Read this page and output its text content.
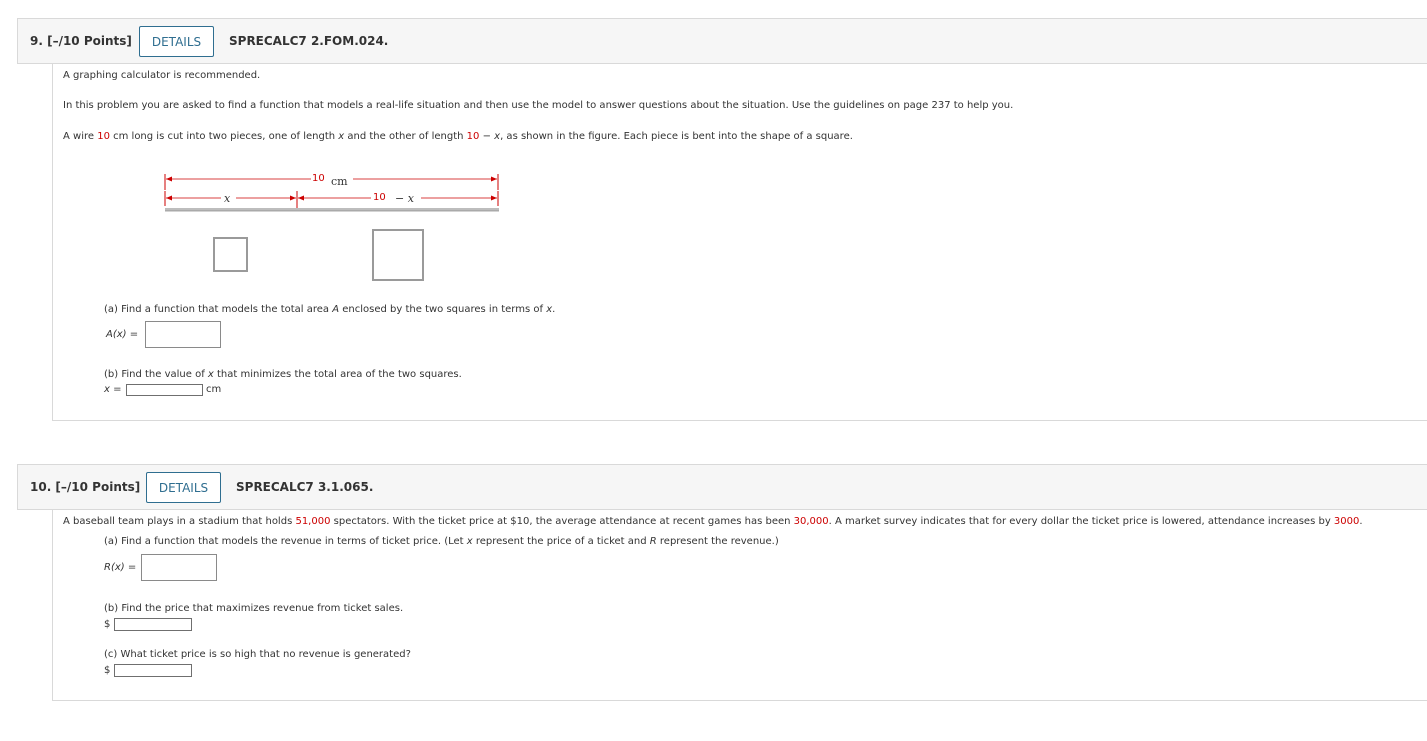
9. [–/10 Points]	DETAILS	SPRECALC7 2.FOM.024.
A graphing calculator is recommended.
In this problem you are asked to find a function that models a real-life situation and then use the model to answer questions about the situation. Use the guidelines on page 237 to help you.
A wire 10 cm long is cut into two pieces, one of length x and the other of length 10 − x, as shown in the figure. Each piece is bent into the shape of a square.
10 cm
x	10 − x
(a) Find a function that models the total area A enclosed by the two squares in terms of x.
A(x) =
(b) Find the value of x that minimizes the total area of the two squares.
x =	cm
10. [–/10 Points]	DETAILS	SPRECALC7 3.1.065.
A baseball team plays in a stadium that holds 51,000 spectators. With the ticket price at $10, the average attendance at recent games has been 30,000. A market survey indicates that for every dollar the ticket price is lowered, attendance increases by 3000.
(a) Find a function that models the revenue in terms of ticket price. (Let x represent the price of a ticket and R represent the revenue.)
R(x) =
(b) Find the price that maximizes revenue from ticket sales.
$
(c) What ticket price is so high that no revenue is generated?
$
